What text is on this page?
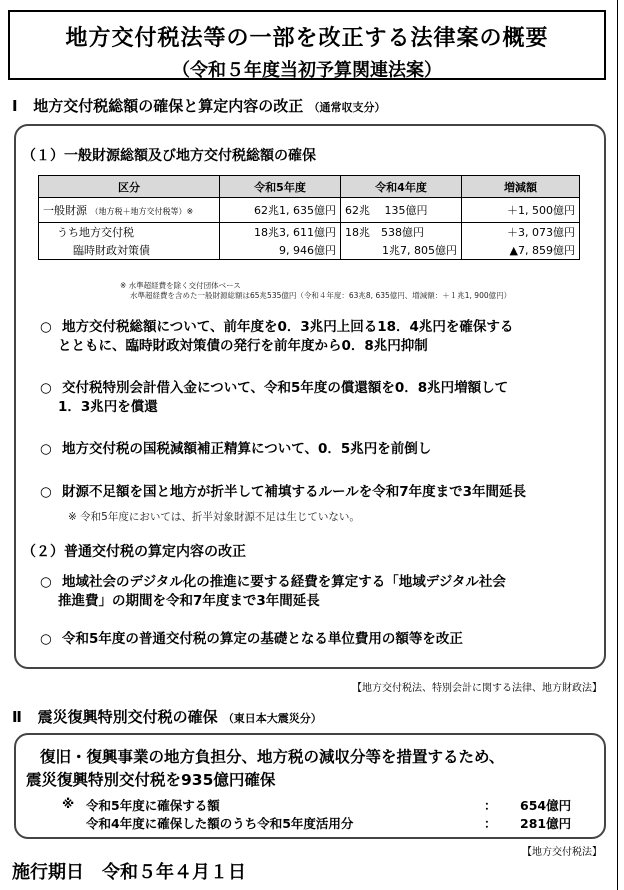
地方交付税法等の一部を改正する法律案の概要
（令和５年度当初予算関連法案）
Ⅰ 地方交付税総額の確保と算定内容の改正 （通常収支分）
（１）一般財源総額及び地方交付税総額の確保
区分	令和5年度	令和4年度	増減額
一般財源 （地方税＋地方交付税等）※	62兆1, 635億円	62兆　 135億円	＋1, 500億円
うち地方交付税	18兆3, 611億円	18兆　538億円	＋3, 073億円
臨時財政対策債	9, 946億円	1兆7, 805億円	▲7, 859億円
※ 水準超経費を除く交付団体ベース
水準超経費を含めた一般財源総額は65兆535億円（令和４年度：63兆8, 635億円、増減額：＋１兆1, 900億円）
○ 地方交付税総額について、前年度を0．3兆円上回る18．4兆円を確保する
とともに、臨時財政対策債の発行を前年度から0．8兆円抑制
○ 交付税特別会計借入金について、令和5年度の償還額を0．8兆円増額して
1．3兆円を償還
○ 地方交付税の国税減額補正精算について、0．5兆円を前倒し
○ 財源不足額を国と地方が折半して補填するルールを令和7年度まで3年間延長
※ 令和5年度においては、折半対象財源不足は生じていない。
（２）普通交付税の算定内容の改正
○ 地域社会のデジタル化の推進に要する経費を算定する「地域デジタル社会
推進費」の期間を令和7年度まで3年間延長
○ 令和5年度の普通交付税の算定の基礎となる単位費用の額等を改正
【地方交付税法、特別会計に関する法律、地方財政法】
Ⅱ 震災復興特別交付税の確保 （東日本大震災分）
復旧・復興事業の地方負担分、地方税の減収分等を措置するため、
震災復興特別交付税を935億円確保
※ 令和5年度に確保する額	： 654億円
令和4年度に確保した額のうち令和5年度活用分	： 281億円
【地方交付税法】
施行期日　令和５年４月１日
